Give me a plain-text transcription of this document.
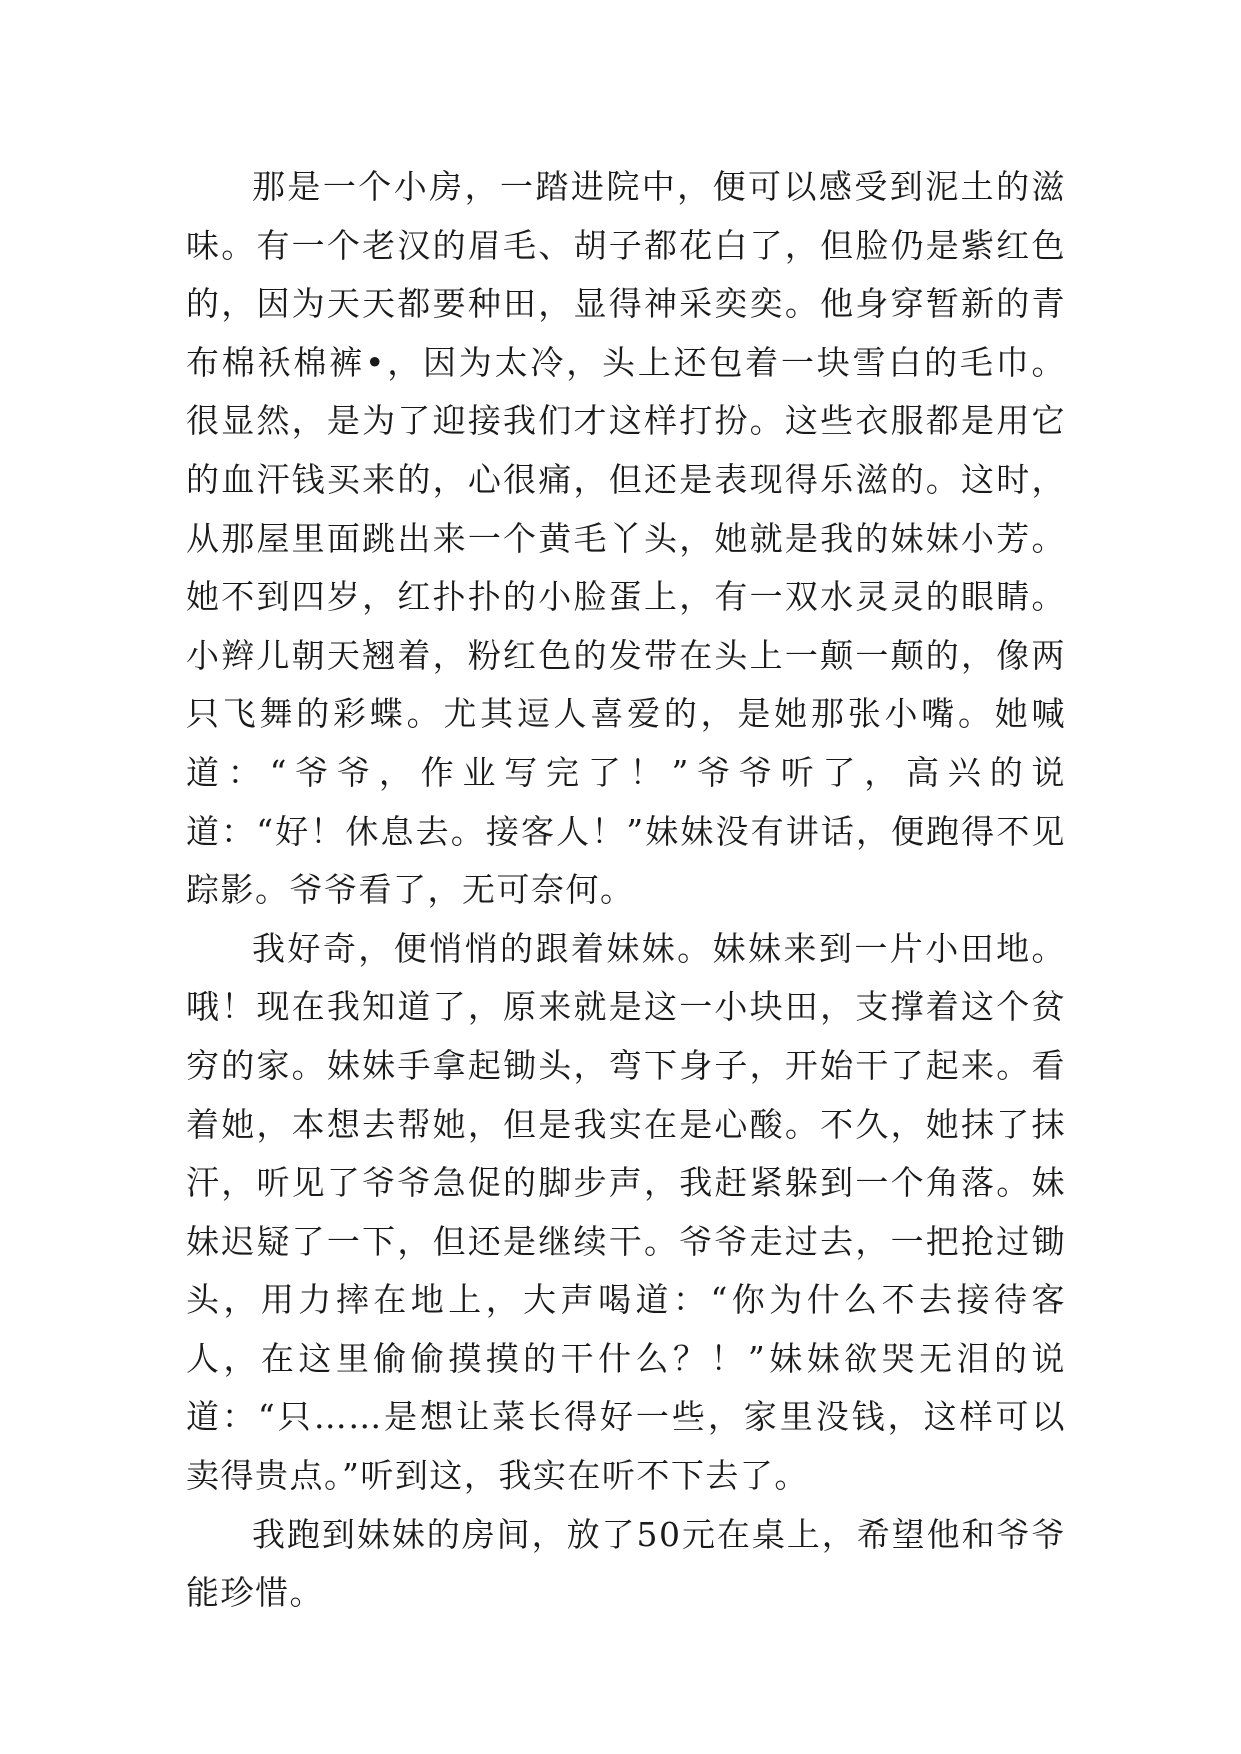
那是一个小房，一踏进院中，便可以感受到泥土的滋味。有一个老汉的眉毛、胡子都花白了，但脸仍是紫红色的，因为天天都要种田，显得神采奕奕。他身穿暂新的青布棉袄棉裤•，因为太冷，头上还包着一块雪白的毛巾。很显然，是为了迎接我们才这样打扮。这些衣服都是用它的血汗钱买来的，心很痛，但还是表现得乐滋的。这时，从那屋里面跳出来一个黄毛丫头，她就是我的妹妹小芳。她不到四岁，红扑扑的小脸蛋上，有一双水灵灵的眼睛。小辫儿朝天翘着，粉红色的发带在头上一颠一颠的，像两只飞舞的彩蝶。尤其逗人喜爱的，是她那张小嘴。她喊道：“爷爷，作业写完了！”爷爷听了，高兴的说道：“好！休息去。接客人！”妹妹没有讲话，便跑得不见踪影。爷爷看了，无可奈何。

我好奇，便悄悄的跟着妹妹。妹妹来到一片小田地。哦！现在我知道了，原来就是这一小块田，支撑着这个贫穷的家。妹妹手拿起锄头，弯下身子，开始干了起来。看着她，本想去帮她，但是我实在是心酸。不久，她抹了抹汗，听见了爷爷急促的脚步声，我赶紧躲到一个角落。妹妹迟疑了一下，但还是继续干。爷爷走过去，一把抢过锄头，用力摔在地上，大声喝道：“你为什么不去接待客人，在这里偷偷摸摸的干什么？！”妹妹欲哭无泪的说道：“只……是想让菜长得好一些，家里没钱，这样可以卖得贵点。”听到这，我实在听不下去了。

我跑到妹妹的房间，放了50元在桌上，希望他和爷爷能珍惜。
